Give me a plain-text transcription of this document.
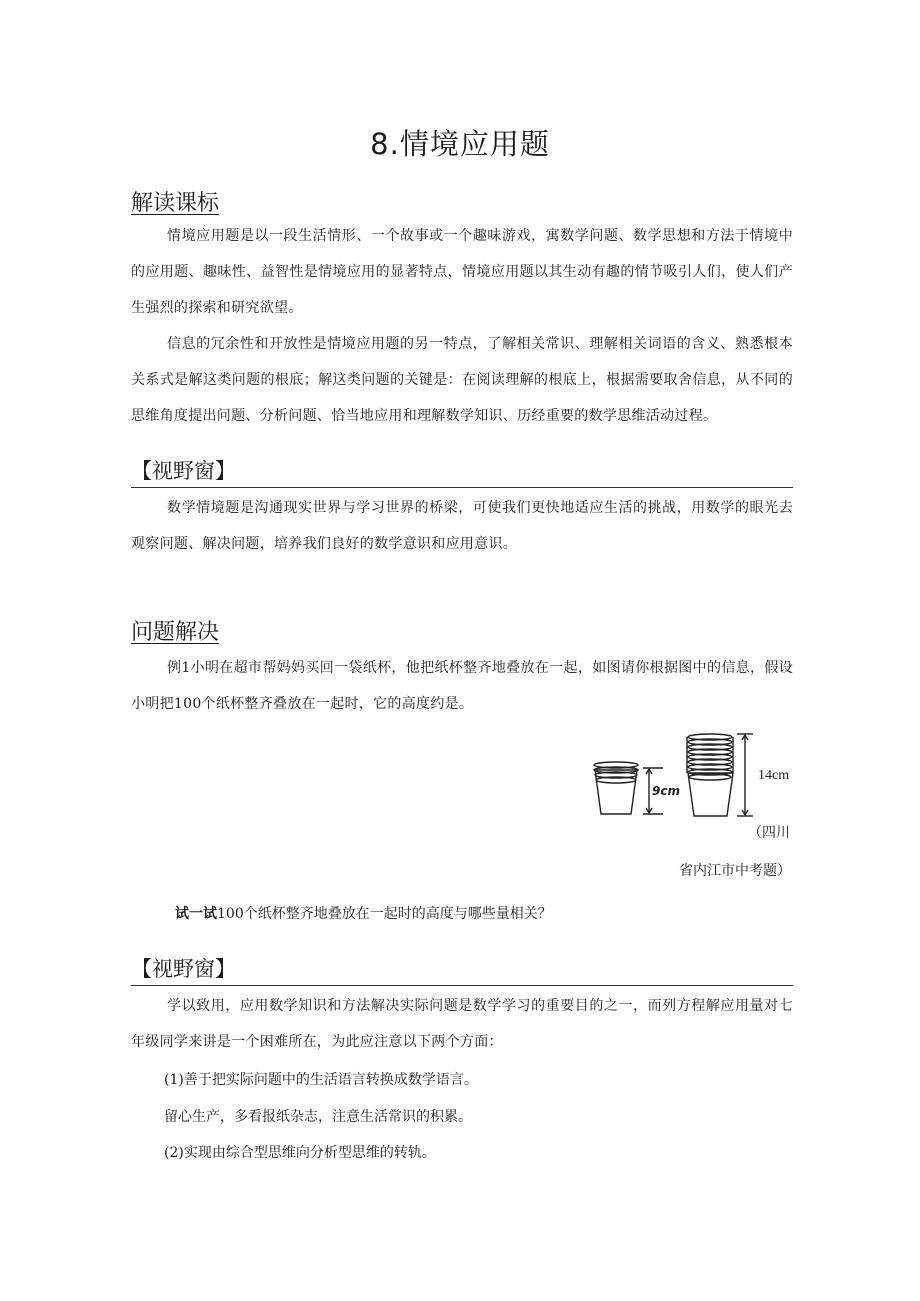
8.情境应用题
解读课标
情境应用题是以一段生活情形、一个故事或一个趣味游戏，寓数学问题、数学思想和方法于情境中的应用题、趣味性、益智性是情境应用的显著特点，情境应用题以其生动有趣的情节吸引人们，使人们产生强烈的探索和研究欲望。
信息的冗余性和开放性是情境应用题的另一特点，了解相关常识、理解相关词语的含义、熟悉根本关系式是解这类问题的根底；解这类问题的关键是：在阅读理解的根底上，根据需要取舍信息，从不同的思维角度提出问题、分析问题、恰当地应用和理解数学知识、历经重要的数学思维活动过程。
【视野窗】
数学情境题是沟通现实世界与学习世界的桥梁，可使我们更快地适应生活的挑战，用数学的眼光去观察问题、解决问题，培养我们良好的数学意识和应用意识。
问题解决
例1小明在超市帮妈妈买回一袋纸杯，他把纸杯整齐地叠放在一起，如图请你根据图中的信息，假设小明把100个纸杯整齐叠放在一起时，它的高度约是。
9cm
14cm
（四川
省内江市中考题）
试一试100个纸杯整齐地叠放在一起时的高度与哪些量相关？
【视野窗】
学以致用，应用数学知识和方法解决实际问题是数学学习的重要目的之一，而列方程解应用量对七年级同学来讲是一个困难所在，为此应注意以下两个方面：
(1)善于把实际问题中的生活语言转换成数学语言。
留心生产，多看报纸杂志，注意生活常识的积累。
(2)实现由综合型思维向分析型思维的转轨。
